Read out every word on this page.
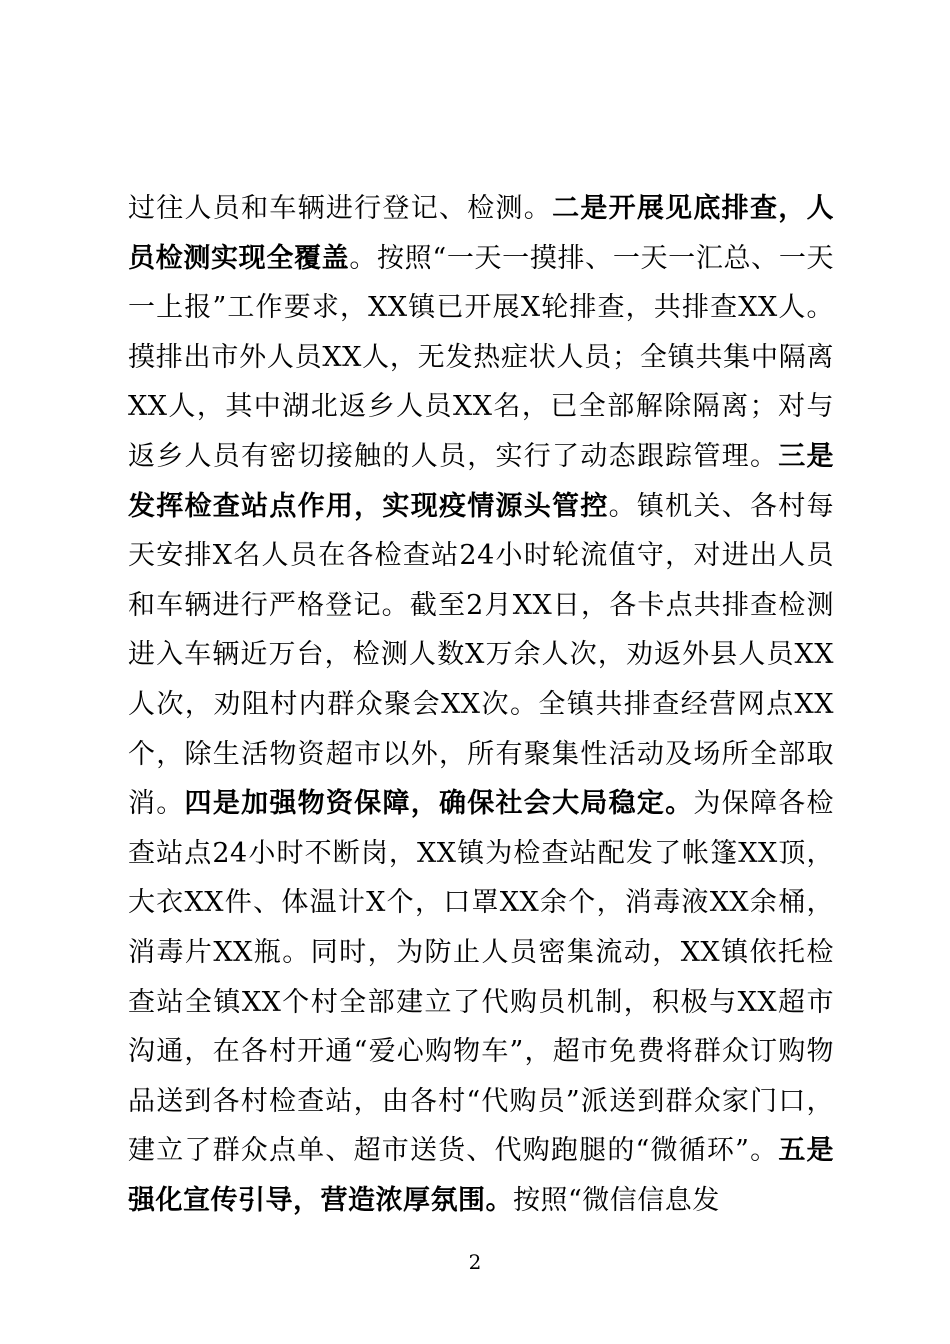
过往人员和车辆进行登记、检测。二是开展见底排查，人员检测实现全覆盖。按照“一天一摸排、一天一汇总、一天一上报”工作要求，XX镇已开展X轮排查，共排查XX人。摸排出市外人员XX人，无发热症状人员；全镇共集中隔离XX人，其中湖北返乡人员XX名，已全部解除隔离；对与返乡人员有密切接触的人员，实行了动态跟踪管理。三是发挥检查站点作用，实现疫情源头管控。镇机关、各村每天安排X名人员在各检查站24小时轮流值守，对进出人员和车辆进行严格登记。截至2月XX日，各卡点共排查检测进入车辆近万台，检测人数X万余人次，劝返外县人员XX人次，劝阻村内群众聚会XX次。全镇共排查经营网点XX个，除生活物资超市以外，所有聚集性活动及场所全部取消。四是加强物资保障，确保社会大局稳定。为保障各检查站点24小时不断岗，XX镇为检查站配发了帐篷XX顶，大衣XX件、体温计X个，口罩XX余个，消毒液XX余桶，消毒片XX瓶。同时，为防止人员密集流动，XX镇依托检查站全镇XX个村全部建立了代购员机制，积极与XX超市沟通，在各村开通“爱心购物车”，超市免费将群众订购物品送到各村检查站，由各村“代购员”派送到群众家门口，建立了群众点单、超市送货、代购跑腿的“微循环”。五是强化宣传引导，营造浓厚氛围。按照“微信信息发

2
